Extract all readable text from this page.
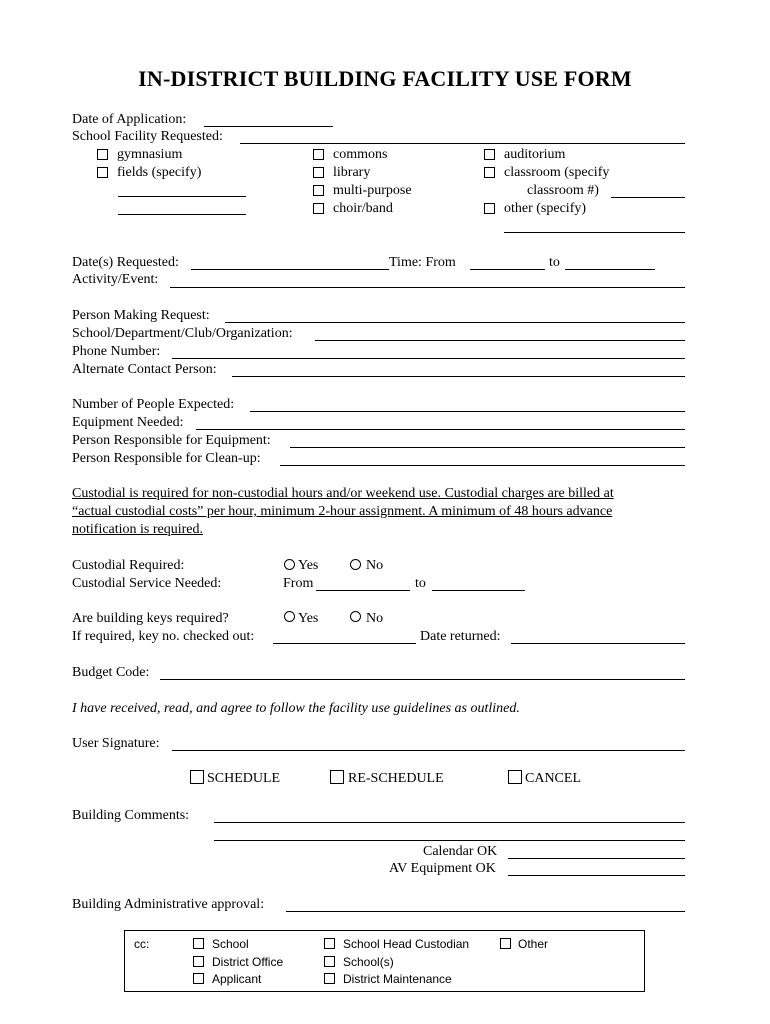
IN-DISTRICT BUILDING FACILITY USE FORM
Date of Application:
School Facility Requested:
gymnasium
fields (specify)
commons
library
multi-purpose
choir/band
auditorium
classroom (specify
classroom #)
other (specify)
Date(s) Requested:	Time: From	to
Activity/Event:
Person Making Request:
School/Department/Club/Organization:
Phone Number:
Alternate Contact Person:
Number of People Expected:
Equipment Needed:
Person Responsible for Equipment:
Person Responsible for Clean-up:
Custodial is required for non-custodial hours and/or weekend use. Custodial charges are billed at
“actual custodial costs” per hour, minimum 2-hour assignment. A minimum of 48 hours advance
notification is required.
Custodial Required:	Yes	No
Custodial Service Needed:	From	to
Are building keys required?	Yes	No
If required, key no. checked out:	Date returned:
Budget Code:
I have received, read, and agree to follow the facility use guidelines as outlined.
User Signature:
SCHEDULE	RE-SCHEDULE	CANCEL
Building Comments:
Calendar OK
AV Equipment OK
Building Administrative approval:
cc:	School
District Office
Applicant
School Head Custodian
School(s)
District Maintenance
Other
